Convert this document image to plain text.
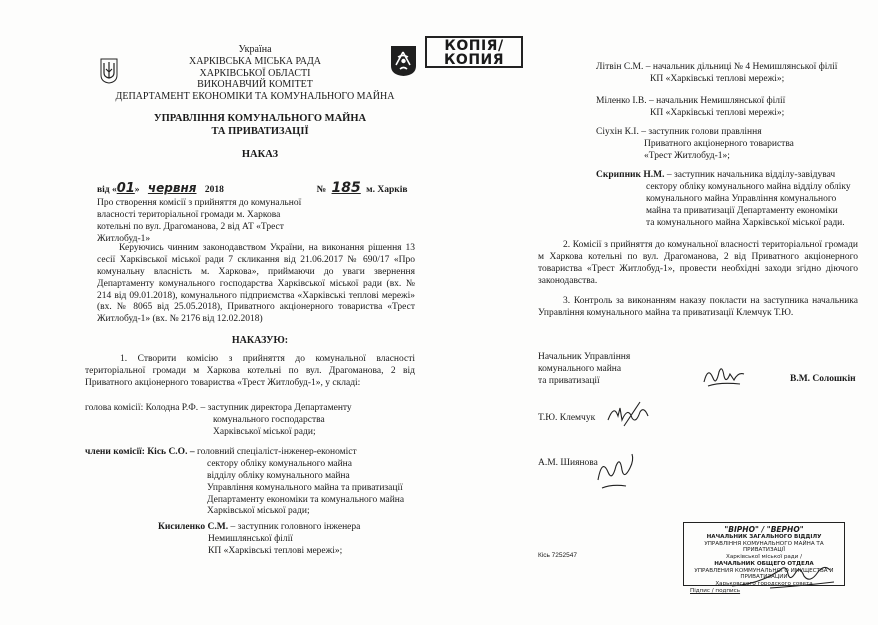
Україна
ХАРКІВСЬКА МІСЬКА РАДА
ХАРКІВСЬКОЇ ОБЛАСТІ
ВИКОНАВЧИЙ КОМІТЕТ
ДЕПАРТАМЕНТ ЕКОНОМІКИ ТА КОМУНАЛЬНОГО МАЙНА
КОПІЯ/
КОПИЯ
УПРАВЛІННЯ КОМУНАЛЬНОГО МАЙНА
ТА ПРИВАТИЗАЦІЇ
НАКАЗ
від «01» червня 2018	№ 185 м. Харків
Про створення комісії з прийняття до комунальної власності територіальної громади м. Харкова котельні по вул. Драгоманова, 2 від АТ «Трест Житлобуд-1»
Керуючись чинним законодавством України, на виконання рішення 13 сесії Харківської міської ради 7 скликання від 21.06.2017 № 690/17 «Про комунальну власність м. Харкова», приймаючи до уваги звернення Департаменту комунального господарства Харківської міської ради (вх. № 214 від 09.01.2018), комунального підприємства «Харківські теплові мережі» (вх. № 8065 від 25.05.2018), Приватного акціонерного товариства «Трест Житлобуд-1» (вх. № 2176 від 12.02.2018)
НАКАЗУЮ:
1. Створити комісію з прийняття до комунальної власності територіальної громади м Харкова котельні по вул. Драгоманова, 2 від Приватного акціонерного товариства «Трест Житлобуд-1», у складі:
голова комісії: Колодна Р.Ф. – заступник директора Департаменту
комунального господарства
Харківської міської ради;
члени комісії: Кісь С.О. – головний спеціаліст-інженер-економіст
сектору обліку комунального майна
відділу обліку комунального майна
Управління комунального майна та приватизації
Департаменту економіки та комунального майна
Харківської міської ради;
Кисиленко С.М. – заступник головного інженера
Немишлянської філії
КП «Харківські теплові мережі»;
Літвін С.М. – начальник дільниці № 4 Немишлянської філії
КП «Харківські теплові мережі»;
Міленко І.В. – начальник Немишлянської філії
КП «Харківські теплові мережі»;
Сіухін К.І. – заступник голови правління
Приватного акціонерного товариства
«Трест Житлобуд-1»;
Скрипник Н.М. – заступник начальника відділу-завідувач
сектору обліку комунального майна відділу обліку
комунального майна Управління комунального
майна та приватизації Департаменту економіки
та комунального майна Харківської міської ради.
2. Комісії з прийняття до комунальної власності територіальної громади м Харкова котельні по вул. Драгоманова, 2 від Приватного акціонерного товариства «Трест Житлобуд-1», провести необхідні заходи згідно діючого законодавства.
3. Контроль за виконанням наказу покласти на заступника начальника Управління комунального майна та приватизації Клемчук Т.Ю.
Начальник Управління
комунального майна
та приватизації	В.М. Солошкін
Т.Ю. Клемчук
А.М. Шиянова
Кісь 7252547
"ВІРНО" / "ВЕРНО"
НАЧАЛЬНИК ЗАГАЛЬНОГО ВІДДІЛУ
УПРАВЛІННЯ КОМУНАЛЬНОГО МАЙНА ТА ПРИВАТИЗАЦІЇ
Харківської міської ради /
НАЧАЛЬНИК ОБЩЕГО ОТДЕЛА
УПРАВЛЕНИЯ КОММУНАЛЬНОГО ИМУЩЕСТВА И ПРИВАТИЗАЦИИ
Харьковского городского совета
Підпис / подпись
